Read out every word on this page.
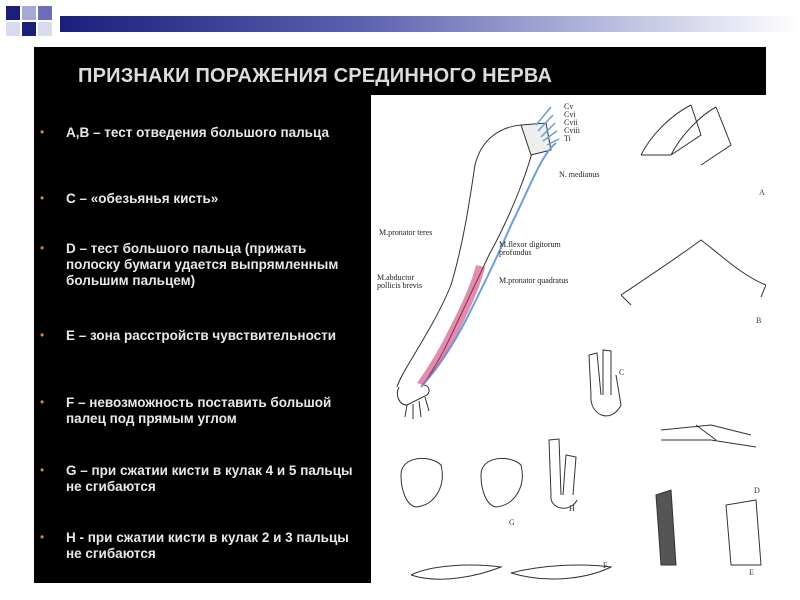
ПРИЗНАКИ ПОРАЖЕНИЯ СРЕДИННОГО НЕРВА
• A,B – тест отведения большого пальца
• C – «обезьянья кисть»
• D – тест большого пальца (прижать полоску бумаги удается выпрямленным большим пальцем)
• E – зона расстройств чувствительности
• F – невозможность поставить большой палец под прямым углом
• G – при сжатии кисти в кулак 4 и 5 пальцы не сгибаются
• H - при сжатии кисти в кулак 2 и 3 пальцы не сгибаются
Cv
Cvi
Cvii
Cviii
Ti
N. medianus
M.pronator teres
M.flexor digitorum
profundus
M.pronator quadratus
M.abductor
pollicis brevis
A
B
C
D
E
F
G
H
